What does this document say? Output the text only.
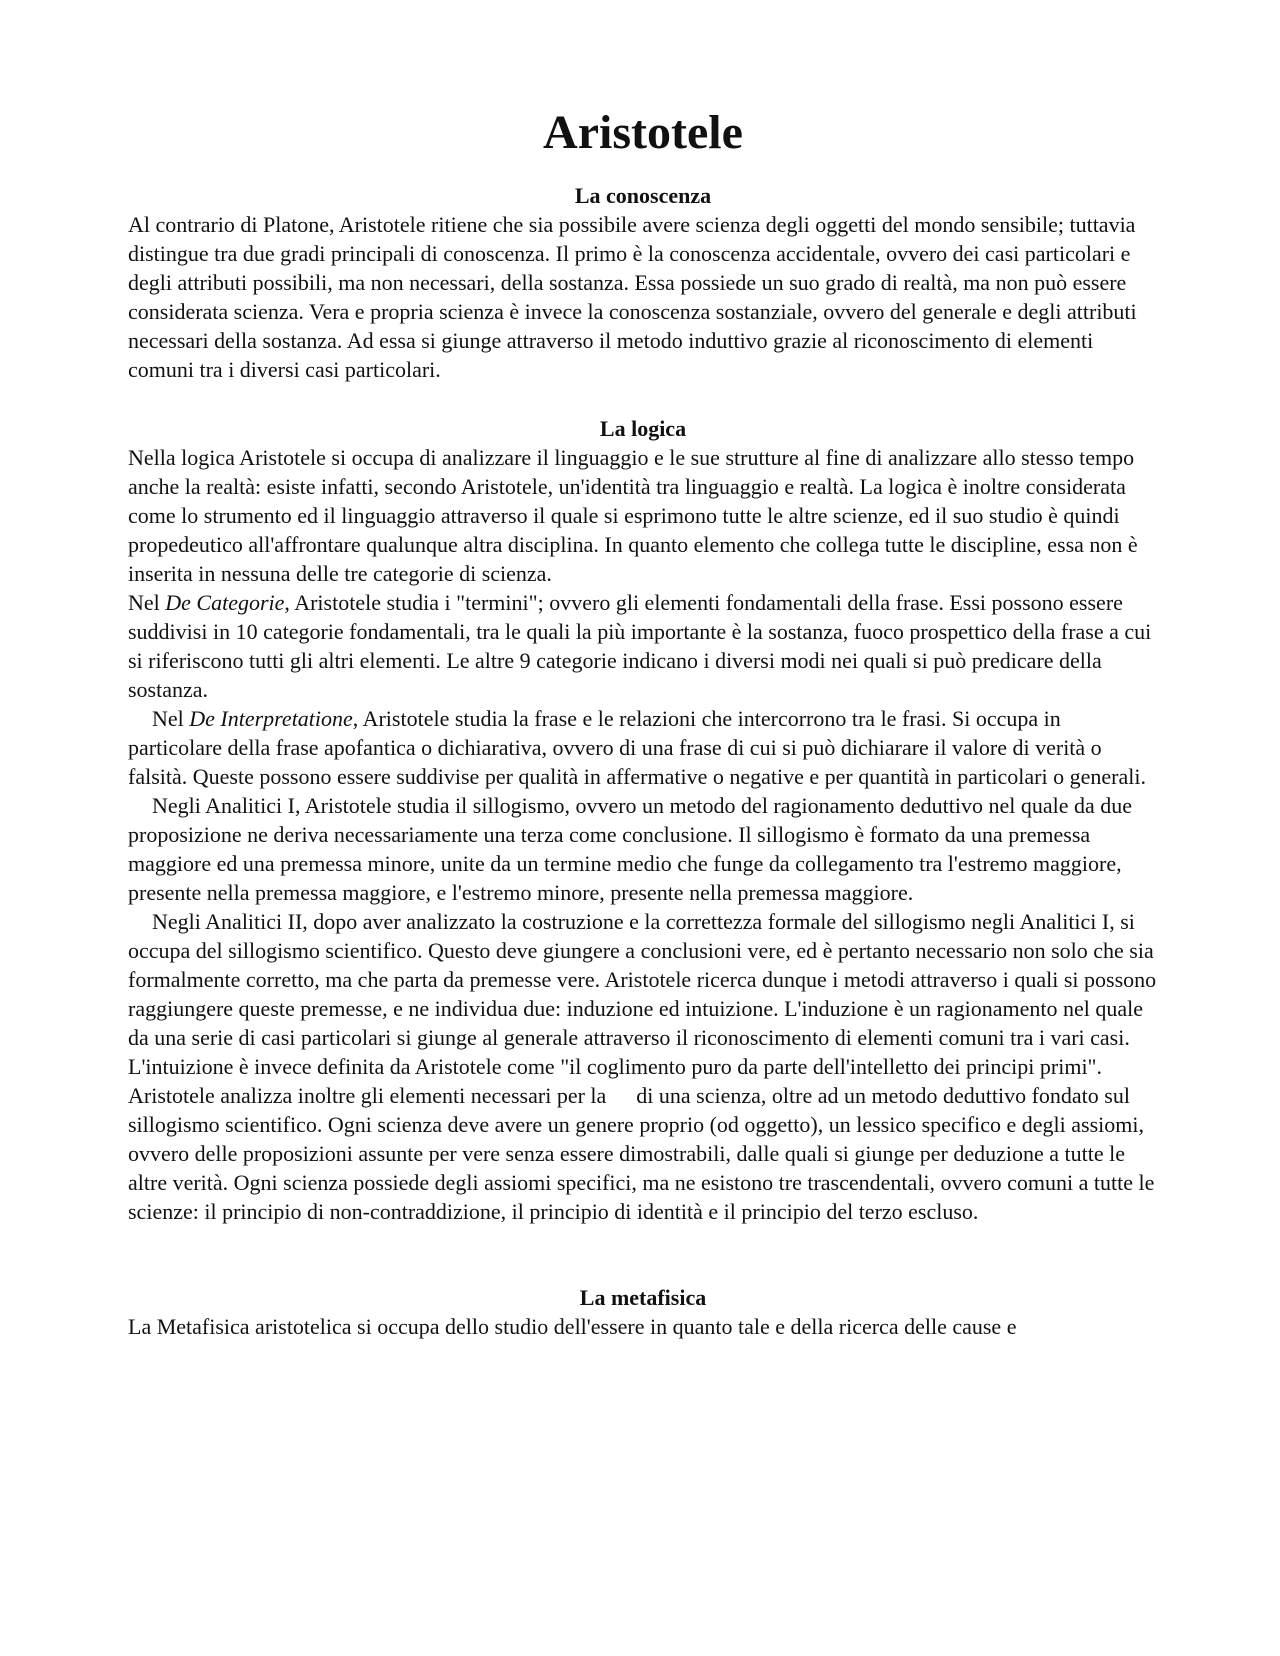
Aristotele
La conoscenza

Al contrario di Platone, Aristotele ritiene che sia possibile avere scienza degli oggetti del mondo sensibile; tuttavia distingue tra due gradi principali di conoscenza. Il primo è la conoscenza accidentale, ovvero dei casi particolari e degli attributi possibili, ma non necessari, della sostanza. Essa possiede un suo grado di realtà, ma non può essere considerata scienza. Vera e propria scienza è invece la conoscenza sostanziale, ovvero del generale e degli attributi necessari della sostanza. Ad essa si giunge attraverso il metodo induttivo grazie al riconoscimento di elementi comuni tra i diversi casi particolari.

La logica

Nella logica Aristotele si occupa di analizzare il linguaggio e le sue strutture al fine di analizzare allo stesso tempo anche la realtà: esiste infatti, secondo Aristotele, un'identità tra linguaggio e realtà. La logica è inoltre considerata come lo strumento ed il linguaggio attraverso il quale si esprimono tutte le altre scienze, ed il suo studio è quindi propedeutico all'affrontare qualunque altra disciplina. In quanto elemento che collega tutte le discipline, essa non è inserita in nessuna delle tre categorie di scienza.

Nel De Categorie, Aristotele studia i "termini"; ovvero gli elementi fondamentali della frase. Essi possono essere suddivisi in 10 categorie fondamentali, tra le quali la più importante è la sostanza, fuoco prospettico della frase a cui si riferiscono tutti gli altri elementi. Le altre 9 categorie indicano i diversi modi nei quali si può predicare della sostanza.

Nel De Interpretatione, Aristotele studia la frase e le relazioni che intercorrono tra le frasi. Si occupa in particolare della frase apofantica o dichiarativa, ovvero di una frase di cui si può dichiarare il valore di verità o falsità. Queste possono essere suddivise per qualità in affermative o negative e per quantità in particolari o generali.

Negli Analitici I, Aristotele studia il sillogismo, ovvero un metodo del ragionamento deduttivo nel quale da due proposizione ne deriva necessariamente una terza come conclusione. Il sillogismo è formato da una premessa maggiore ed una premessa minore, unite da un termine medio che funge da collegamento tra l'estremo maggiore, presente nella premessa maggiore, e l'estremo minore, presente nella premessa maggiore.

Negli Analitici II, dopo aver analizzato la costruzione e la correttezza formale del sillogismo negli Analitici I, si occupa del sillogismo scientifico. Questo deve giungere a conclusioni vere, ed è pertanto necessario non solo che sia formalmente corretto, ma che parta da premesse vere. Aristotele ricerca dunque i metodi attraverso i quali si possono raggiungere queste premesse, e ne individua due: induzione ed intuizione. L'induzione è un ragionamento nel quale da una serie di casi particolari si giunge al generale attraverso il riconoscimento di elementi comuni tra i vari casi. L'intuizione è invece definita da Aristotele come "il coglimento puro da parte dell'intelletto dei principi primi". Aristotele analizza inoltre gli elementi necessari per la di una scienza, oltre ad un metodo deduttivo fondato sul sillogismo scientifico. Ogni scienza deve avere un genere proprio (od oggetto), un lessico specifico e degli assiomi, ovvero delle proposizioni assunte per vere senza essere dimostrabili, dalle quali si giunge per deduzione a tutte le altre verità. Ogni scienza possiede degli assiomi specifici, ma ne esistono tre trascendentali, ovvero comuni a tutte le scienze: il principio di non-contraddizione, il principio di identità e il principio del terzo escluso.

La metafisica

La Metafisica aristotelica si occupa dello studio dell'essere in quanto tale e della ricerca delle cause e
